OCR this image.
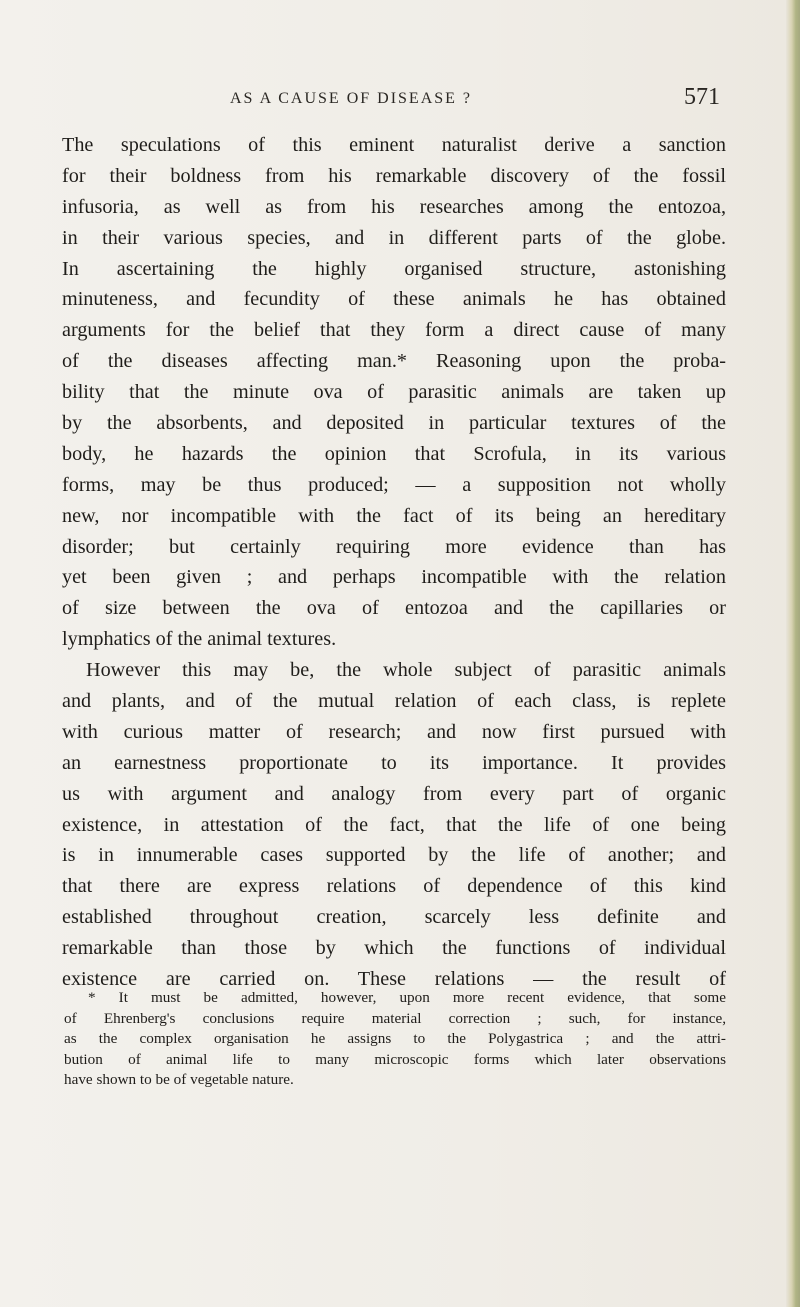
AS A CAUSE OF DISEASE ?	571
The speculations of this eminent naturalist derive a sanction
for their boldness from his remarkable discovery of the fossil
infusoria, as well as from his researches among the entozoa,
in their various species, and in different parts of the globe.
In ascertaining the highly organised structure, astonishing
minuteness, and fecundity of these animals he has obtained
arguments for the belief that they form a direct cause of many
of the diseases affecting man.* Reasoning upon the proba-
bility that the minute ova of parasitic animals are taken up
by the absorbents, and deposited in particular textures of the
body, he hazards the opinion that Scrofula, in its various
forms, may be thus produced; — a supposition not wholly
new, nor incompatible with the fact of its being an hereditary
disorder; but certainly requiring more evidence than has
yet been given ; and perhaps incompatible with the relation
of size between the ova of entozoa and the capillaries or
lymphatics of the animal textures.
However this may be, the whole subject of parasitic animals
and plants, and of the mutual relation of each class, is replete
with curious matter of research; and now first pursued with
an earnestness proportionate to its importance. It provides
us with argument and analogy from every part of organic
existence, in attestation of the fact, that the life of one being
is in innumerable cases supported by the life of another; and
that there are express relations of dependence of this kind
established throughout creation, scarcely less definite and
remarkable than those by which the functions of individual
existence are carried on. These relations — the result of
* It must be admitted, however, upon more recent evidence, that some
of Ehrenberg's conclusions require material correction ; such, for instance,
as the complex organisation he assigns to the Polygastrica ; and the attri-
bution of animal life to many microscopic forms which later observations
have shown to be of vegetable nature.
